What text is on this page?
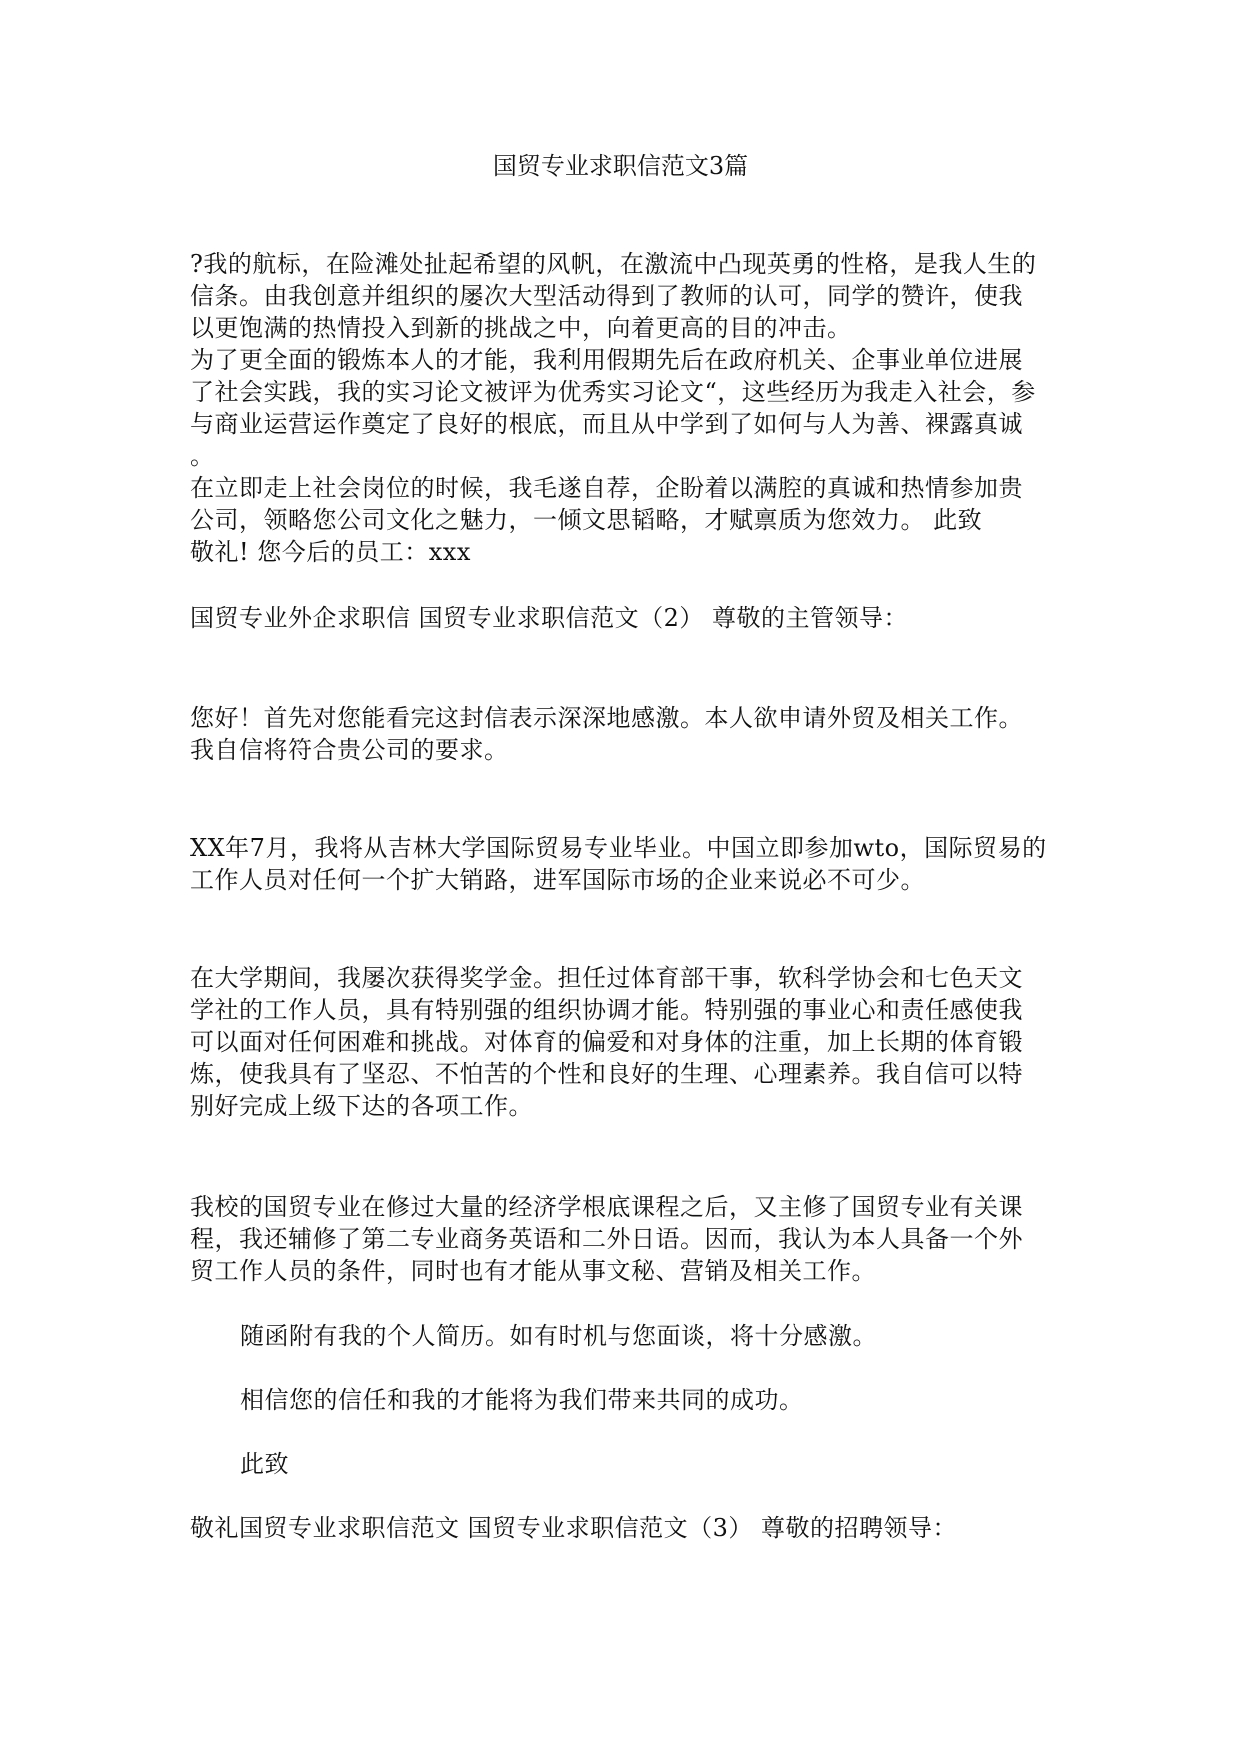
国贸专业求职信范文3篇
?我的航标，在险滩处扯起希望的风帆，在激流中凸现英勇的性格，是我人生的
信条。由我创意并组织的屡次大型活动得到了教师的认可，同学的赞许，使我
以更饱满的热情投入到新的挑战之中，向着更高的目的冲击。
为了更全面的锻炼本人的才能，我利用假期先后在政府机关、企事业单位进展
了社会实践，我的实习论文被评为优秀实习论文“，这些经历为我走入社会，参
与商业运营运作奠定了良好的根底，而且从中学到了如何与人为善、裸露真诚
。
在立即走上社会岗位的时候，我毛遂自荐，企盼着以满腔的真诚和热情参加贵
公司，领略您公司文化之魅力，一倾文思韬略，才赋禀质为您效力。 此致
敬礼! 您今后的员工：xxx
国贸专业外企求职信 国贸专业求职信范文（2） 尊敬的主管领导：
您好！首先对您能看完这封信表示深深地感激。本人欲申请外贸及相关工作。
我自信将符合贵公司的要求。
XX年7月，我将从吉林大学国际贸易专业毕业。中国立即参加wto，国际贸易的
工作人员对任何一个扩大销路，进军国际市场的企业来说必不可少。
在大学期间，我屡次获得奖学金。担任过体育部干事，软科学协会和七色天文
学社的工作人员，具有特别强的组织协调才能。特别强的事业心和责任感使我
可以面对任何困难和挑战。对体育的偏爱和对身体的注重，加上长期的体育锻
炼，使我具有了坚忍、不怕苦的个性和良好的生理、心理素养。我自信可以特
别好完成上级下达的各项工作。
我校的国贸专业在修过大量的经济学根底课程之后，又主修了国贸专业有关课
程，我还辅修了第二专业商务英语和二外日语。因而，我认为本人具备一个外
贸工作人员的条件，同时也有才能从事文秘、营销及相关工作。
随函附有我的个人简历。如有时机与您面谈，将十分感激。
相信您的信任和我的才能将为我们带来共同的成功。
此致
敬礼国贸专业求职信范文 国贸专业求职信范文（3） 尊敬的招聘领导：
